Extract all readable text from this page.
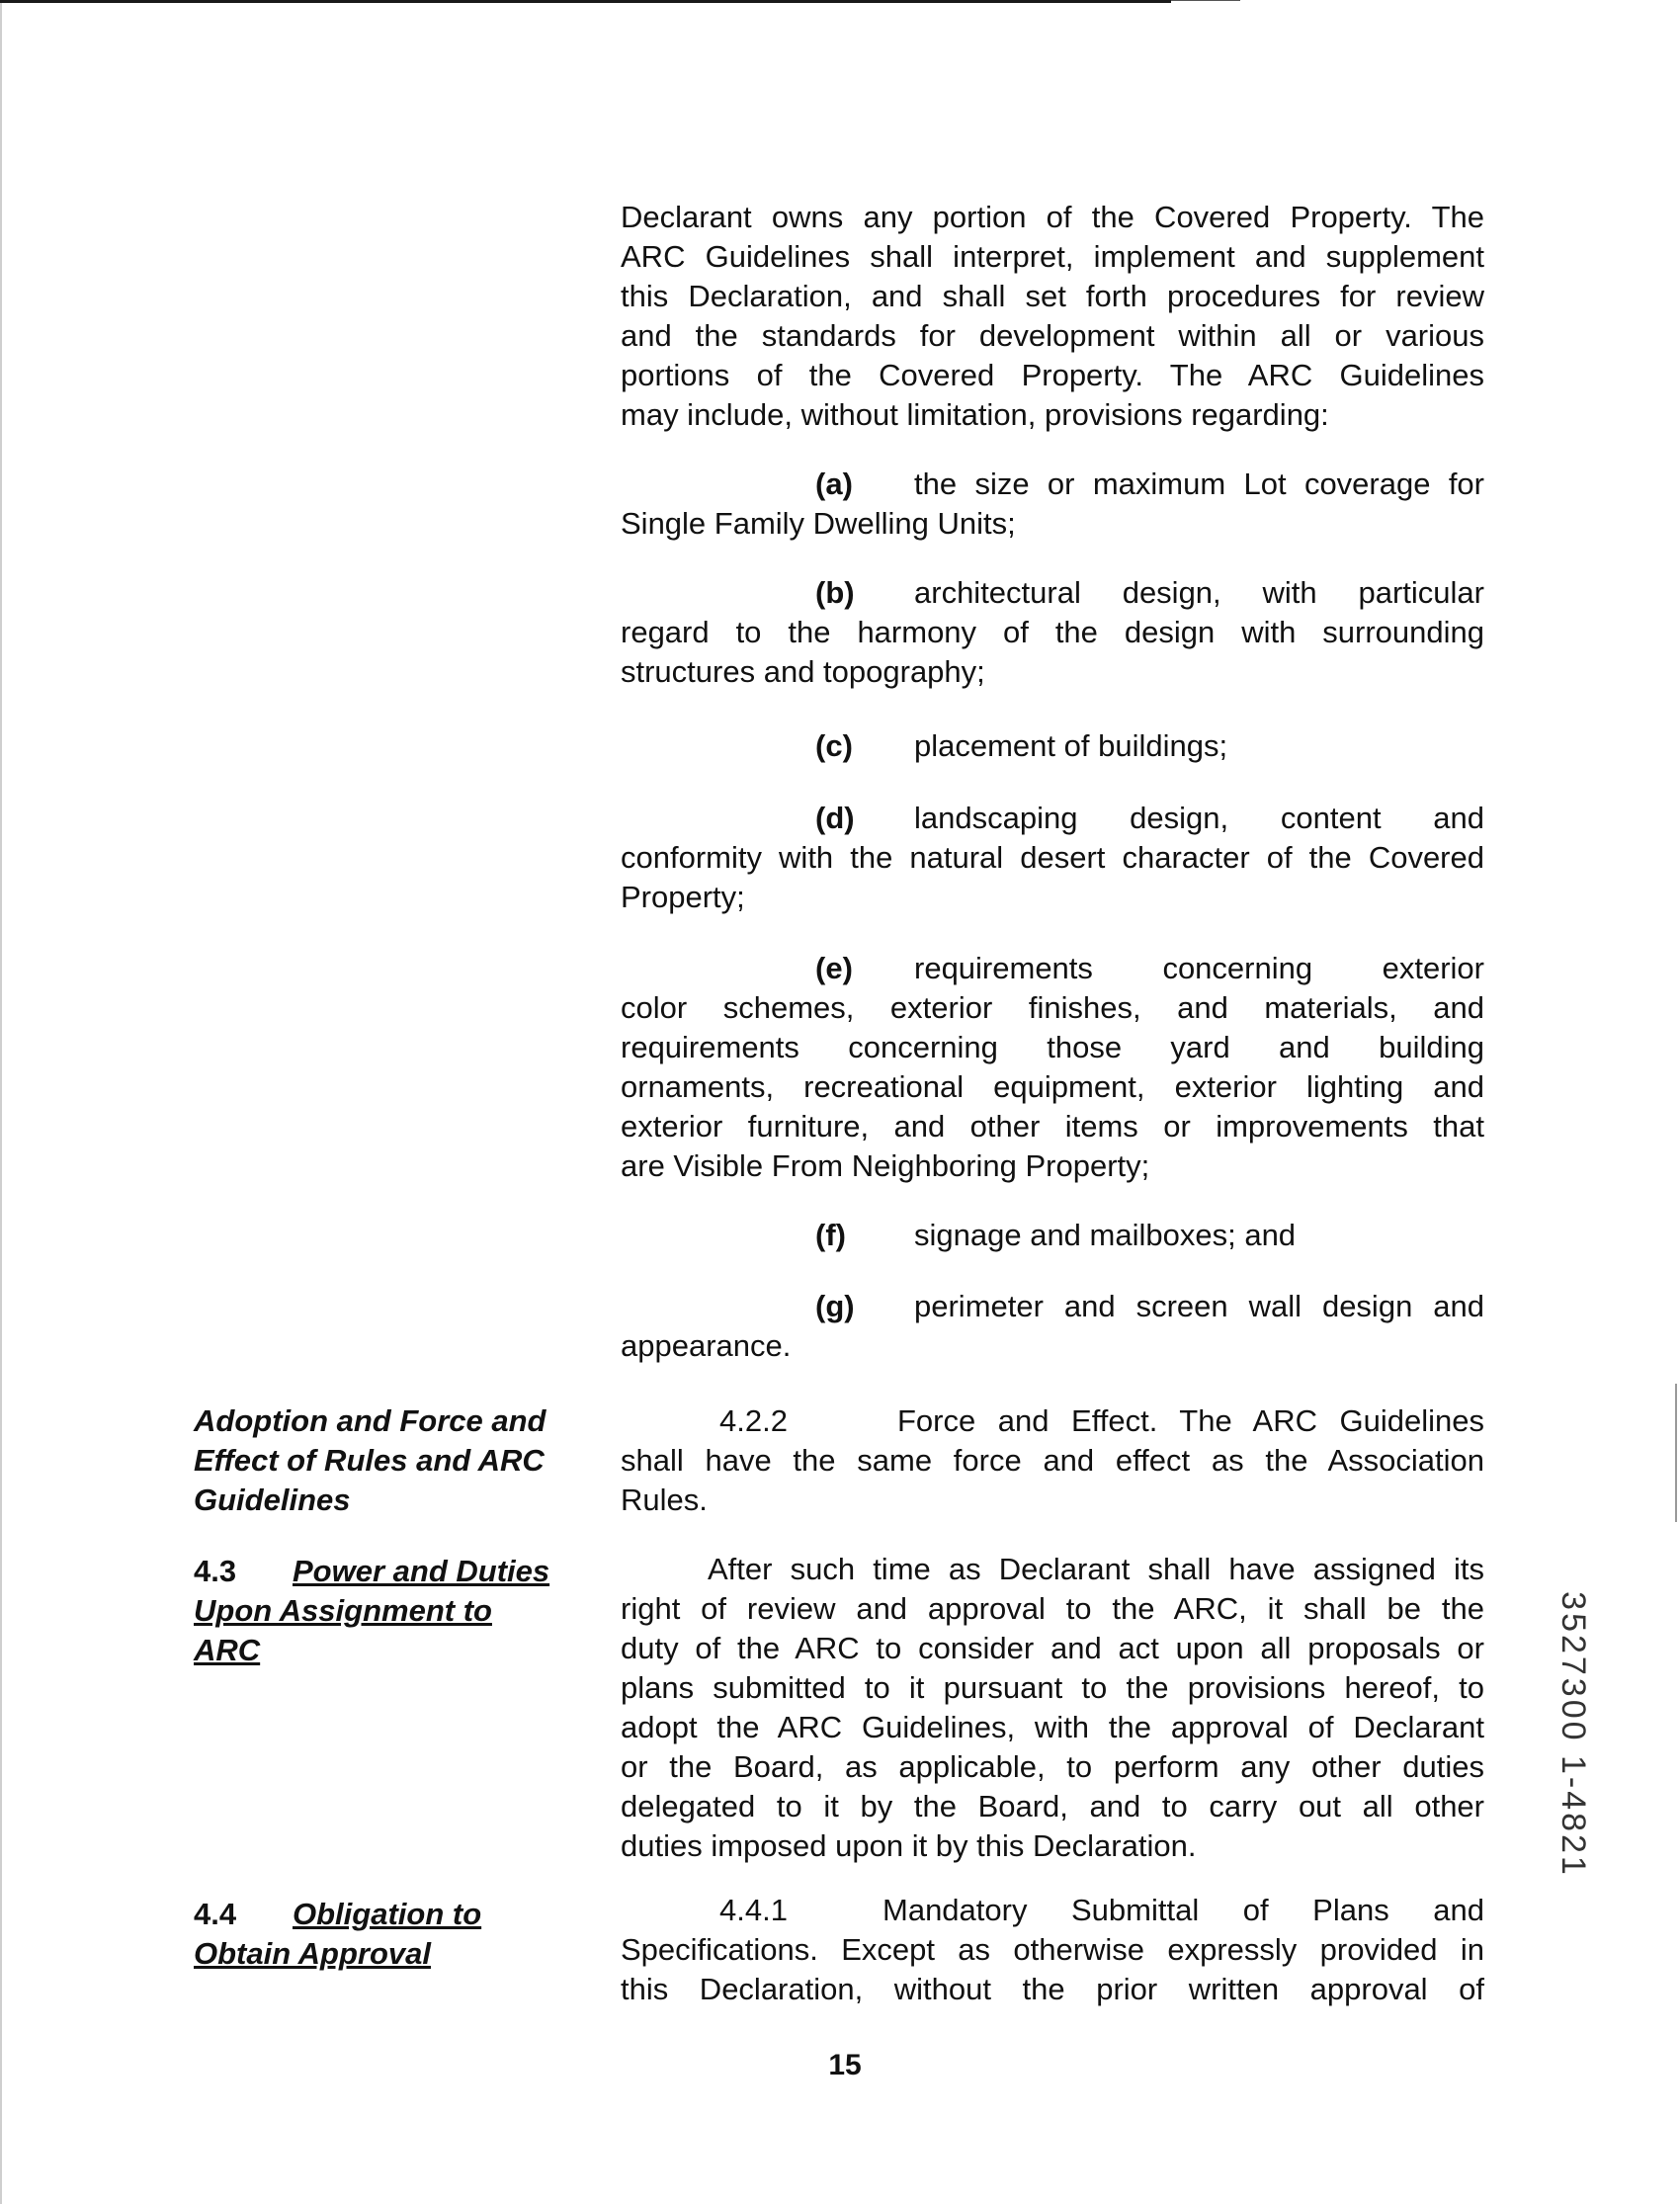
Declarant owns any portion of the Covered Property. The
ARC Guidelines shall interpret, implement and supplement
this Declaration, and shall set forth procedures for review
and the standards for development within all or various
portions of the Covered Property. The ARC Guidelines
may include, without limitation, provisions regarding:
(a) the size or maximum Lot coverage for
Single Family Dwelling Units;
(b) architectural design, with particular
regard to the harmony of the design with surrounding
structures and topography;
(c) placement of buildings;
(d) landscaping design, content and
conformity with the natural desert character of the Covered
Property;
(e) requirements concerning exterior
color schemes, exterior finishes, and materials, and
requirements concerning those yard and building
ornaments, recreational equipment, exterior lighting and
exterior furniture, and other items or improvements that
are Visible From Neighboring Property;
(f) signage and mailboxes; and
(g) perimeter and screen wall design and
appearance.
Adoption and Force and
Effect of Rules and ARC
Guidelines
4.2.2	Force and Effect. The ARC Guidelines
shall have the same force and effect as the Association
Rules.
4.3 Power and Duties
Upon Assignment to
ARC
After such time as Declarant shall have assigned its
right of review and approval to the ARC, it shall be the
duty of the ARC to consider and act upon all proposals or
plans submitted to it pursuant to the provisions hereof, to
adopt the ARC Guidelines, with the approval of Declarant
or the Board, as applicable, to perform any other duties
delegated to it by the Board, and to carry out all other
duties imposed upon it by this Declaration.
4.4 Obligation to
Obtain Approval
4.4.1	Mandatory Submittal of Plans and
Specifications. Except as otherwise expressly provided in
this Declaration, without the prior written approval of
15
3527300 1-4821
